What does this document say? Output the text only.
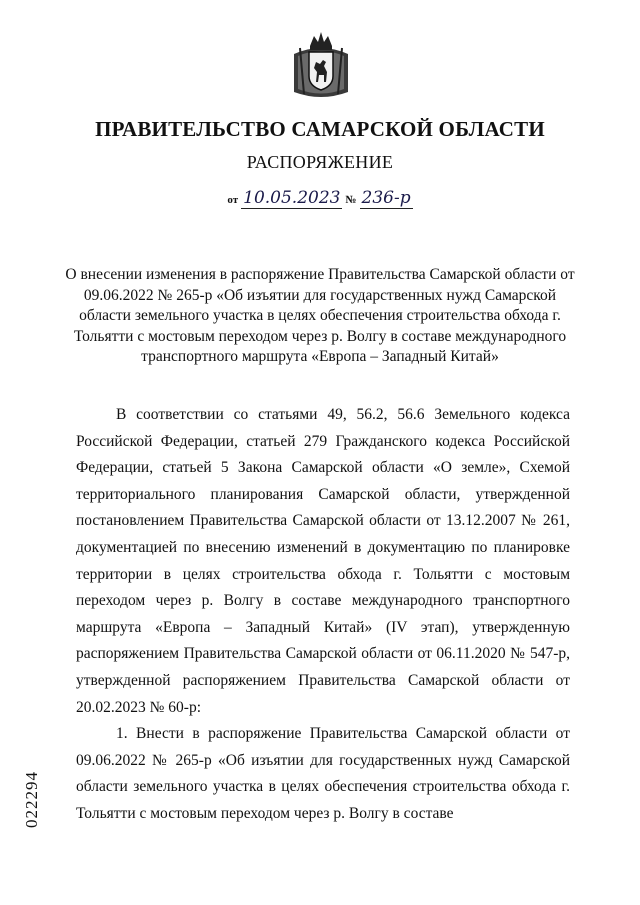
ПРАВИТЕЛЬСТВО САМАРСКОЙ ОБЛАСТИ
РАСПОРЯЖЕНИЕ
от 10.05.2023 № 236-р
О внесении изменения в распоряжение Правительства Самарской области от 09.06.2022 № 265-р «Об изъятии для государственных нужд Самарской области земельного участка в целях обеспечения строительства обхода г. Тольятти с мостовым переходом через р. Волгу в составе международного транспортного маршрута «Европа – Западный Китай»

В соответствии со статьями 49, 56.2, 56.6 Земельного кодекса Российской Федерации, статьей 279 Гражданского кодекса Российской Федерации, статьей 5 Закона Самарской области «О земле», Схемой территориального планирования Самарской области, утвержденной постановлением Правительства Самарской области от 13.12.2007 № 261, документацией по внесению изменений в документацию по планировке территории в целях строительства обхода г. Тольятти с мостовым переходом через р. Волгу в составе международного транспортного маршрута «Европа – Западный Китай» (IV этап), утвержденную распоряжением Правительства Самарской области от 06.11.2020 № 547-р, утвержденной распоряжением Правительства Самарской области от 20.02.2023 № 60-р:

1. Внести в распоряжение Правительства Самарской области от 09.06.2022 № 265-р «Об изъятии для государственных нужд Самарской области земельного участка в целях обеспечения строительства обхода г. Тольятти с мостовым переходом через р. Волгу в составе

022294
